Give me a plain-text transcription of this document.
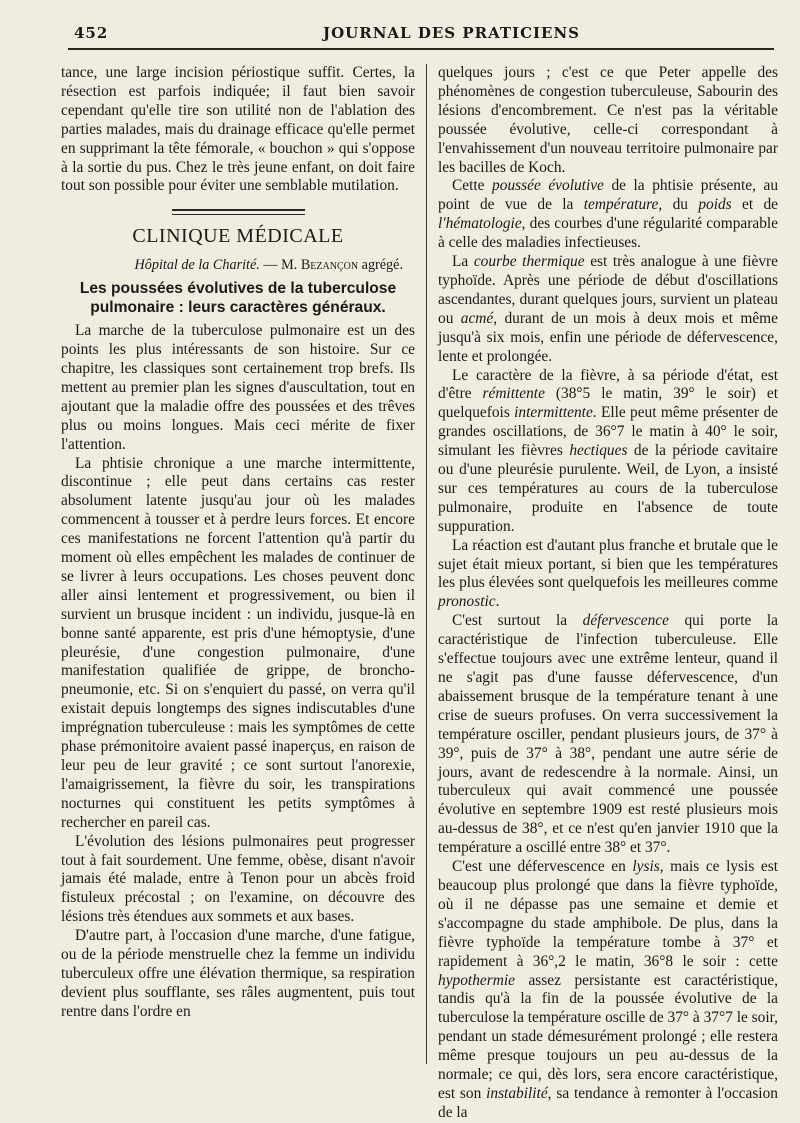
452	JOURNAL DES PRATICIENS

tance, une large incision périostique suffit. Certes, la résection est parfois indiquée; il faut bien savoir cependant qu'elle tire son utilité non de l'ablation des parties malades, mais du drainage efficace qu'elle permet en supprimant la tête fémorale, « bouchon » qui s'oppose à la sortie du pus. Chez le très jeune enfant, on doit faire tout son possible pour éviter une semblable mutilation.

CLINIQUE MÉDICALE

Hôpital de la Charité. — M. Bezançon agrégé.

Les poussées évolutives de la tuberculose pulmonaire : leurs caractères généraux.

La marche de la tuberculose pulmonaire est un des points les plus intéressants de son histoire. Sur ce chapitre, les classiques sont certainement trop brefs. Ils mettent au premier plan les signes d'auscultation, tout en ajoutant que la maladie offre des poussées et des trêves plus ou moins longues. Mais ceci mérite de fixer l'attention.

La phtisie chronique a une marche intermittente, discontinue ; elle peut dans certains cas rester absolument latente jusqu'au jour où les malades commencent à tousser et à perdre leurs forces. Et encore ces manifestations ne forcent l'attention qu'à partir du moment où elles empêchent les malades de continuer de se livrer à leurs occupations. Les choses peuvent donc aller ainsi lentement et progressivement, ou bien il survient un brusque incident : un individu, jusque-là en bonne santé apparente, est pris d'une hémoptysie, d'une pleurésie, d'une congestion pulmonaire, d'une manifestation qualifiée de grippe, de broncho-pneumonie, etc. Si on s'enquiert du passé, on verra qu'il existait depuis longtemps des signes indiscutables d'une imprégnation tuberculeuse : mais les symptômes de cette phase prémonitoire avaient passé inaperçus, en raison de leur peu de leur gravité ; ce sont surtout l'anorexie, l'amaigrissement, la fièvre du soir, les transpirations nocturnes qui constituent les petits symptômes à rechercher en pareil cas.

L'évolution des lésions pulmonaires peut progresser tout à fait sourdement. Une femme, obèse, disant n'avoir jamais été malade, entre à Tenon pour un abcès froid fistuleux précostal ; on l'examine, on découvre des lésions très étendues aux sommets et aux bases.

D'autre part, à l'occasion d'une marche, d'une fatigue, ou de la période menstruelle chez la femme un individu tuberculeux offre une élévation thermique, sa respiration devient plus soufflante, ses râles augmentent, puis tout rentre dans l'ordre en

quelques jours ; c'est ce que Peter appelle des phénomènes de congestion tuberculeuse, Sabourin des lésions d'encombrement. Ce n'est pas la véritable poussée évolutive, celle-ci correspondant à l'envahissement d'un nouveau territoire pulmonaire par les bacilles de Koch.

Cette poussée évolutive de la phtisie présente, au point de vue de la température, du poids et de l'hématologie, des courbes d'une régularité comparable à celle des maladies infectieuses.

La courbe thermique est très analogue à une fièvre typhoïde. Après une période de début d'oscillations ascendantes, durant quelques jours, survient un plateau ou acmé, durant de un mois à deux mois et même jusqu'à six mois, enfin une période de défervescence, lente et prolongée.

Le caractère de la fièvre, à sa période d'état, est d'être rémittente (38°5 le matin, 39° le soir) et quelquefois intermittente. Elle peut même présenter de grandes oscillations, de 36°7 le matin à 40° le soir, simulant les fièvres hectiques de la période cavitaire ou d'une pleurésie purulente. Weil, de Lyon, a insisté sur ces températures au cours de la tuberculose pulmonaire, produite en l'absence de toute suppuration.

La réaction est d'autant plus franche et brutale que le sujet était mieux portant, si bien que les températures les plus élevées sont quelquefois les meilleures comme pronostic.

C'est surtout la défervescence qui porte la caractéristique de l'infection tuberculeuse. Elle s'effectue toujours avec une extrême lenteur, quand il ne s'agit pas d'une fausse défervescence, d'un abaissement brusque de la température tenant à une crise de sueurs profuses. On verra successivement la température osciller, pendant plusieurs jours, de 37° à 39°, puis de 37° à 38°, pendant une autre série de jours, avant de redescendre à la normale. Ainsi, un tuberculeux qui avait commencé une poussée évolutive en septembre 1909 est resté plusieurs mois au-dessus de 38°, et ce n'est qu'en janvier 1910 que la température a oscillé entre 38° et 37°.

C'est une défervescence en lysis, mais ce lysis est beaucoup plus prolongé que dans la fièvre typhoïde, où il ne dépasse pas une semaine et demie et s'accompagne du stade amphibole. De plus, dans la fièvre typhoïde la température tombe à 37° et rapidement à 36°,2 le matin, 36°8 le soir : cette hypothermie assez persistante est caractéristique, tandis qu'à la fin de la poussée évolutive de la tuberculose la température oscille de 37° à 37°7 le soir, pendant un stade démesurément prolongé ; elle restera même presque toujours un peu au-dessus de la normale; ce qui, dès lors, sera encore caractéristique, est son instabilité, sa tendance à remonter à l'occasion de la
